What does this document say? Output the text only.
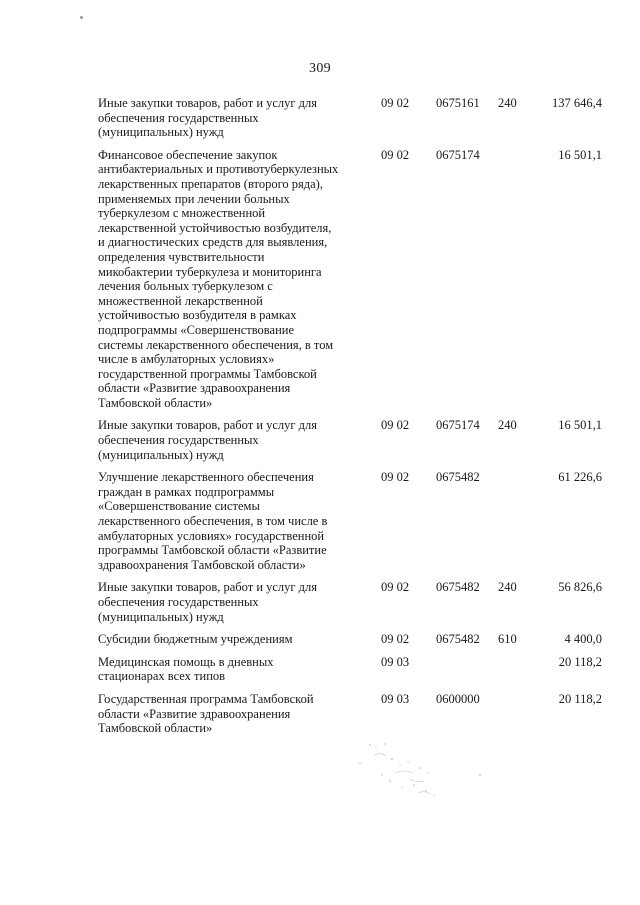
309
Иные закупки товаров, работ и услуг для
обеспечения государственных
(муниципальных) нужд
09 02 0675161 240	137 646,4
Финансовое обеспечение закупок
антибактериальных и противотуберкулезных
лекарственных препаратов (второго ряда),
применяемых при лечении больных
туберкулезом с множественной
лекарственной устойчивостью возбудителя,
и диагностических средств для выявления,
определения чувствительности
микобактерии туберкулеза и мониторинга
лечения больных туберкулезом с
множественной лекарственной
устойчивостью возбудителя в рамках
подпрограммы «Совершенствование
системы лекарственного обеспечения, в том
числе в амбулаторных условиях»
государственной программы Тамбовской
области «Развитие здравоохранения
Тамбовской области»
09 02 0675174	16 501,1
Иные закупки товаров, работ и услуг для
обеспечения государственных
(муниципальных) нужд
09 02 0675174 240	16 501,1
Улучшение лекарственного обеспечения
граждан в рамках подпрограммы
«Совершенствование системы
лекарственного обеспечения, в том числе в
амбулаторных условиях» государственной
программы Тамбовской области «Развитие
здравоохранения Тамбовской области»
09 02 0675482	61 226,6
Иные закупки товаров, работ и услуг для
обеспечения государственных
(муниципальных) нужд
09 02 0675482 240	56 826,6
Субсидии бюджетным учреждениям	09 02 0675482 610	4 400,0
Медицинская помощь в дневных
стационарах всех типов
09 03	20 118,2
Государственная программа Тамбовской
области «Развитие здравоохранения
Тамбовской области»
09 03 0600000	20 118,2
